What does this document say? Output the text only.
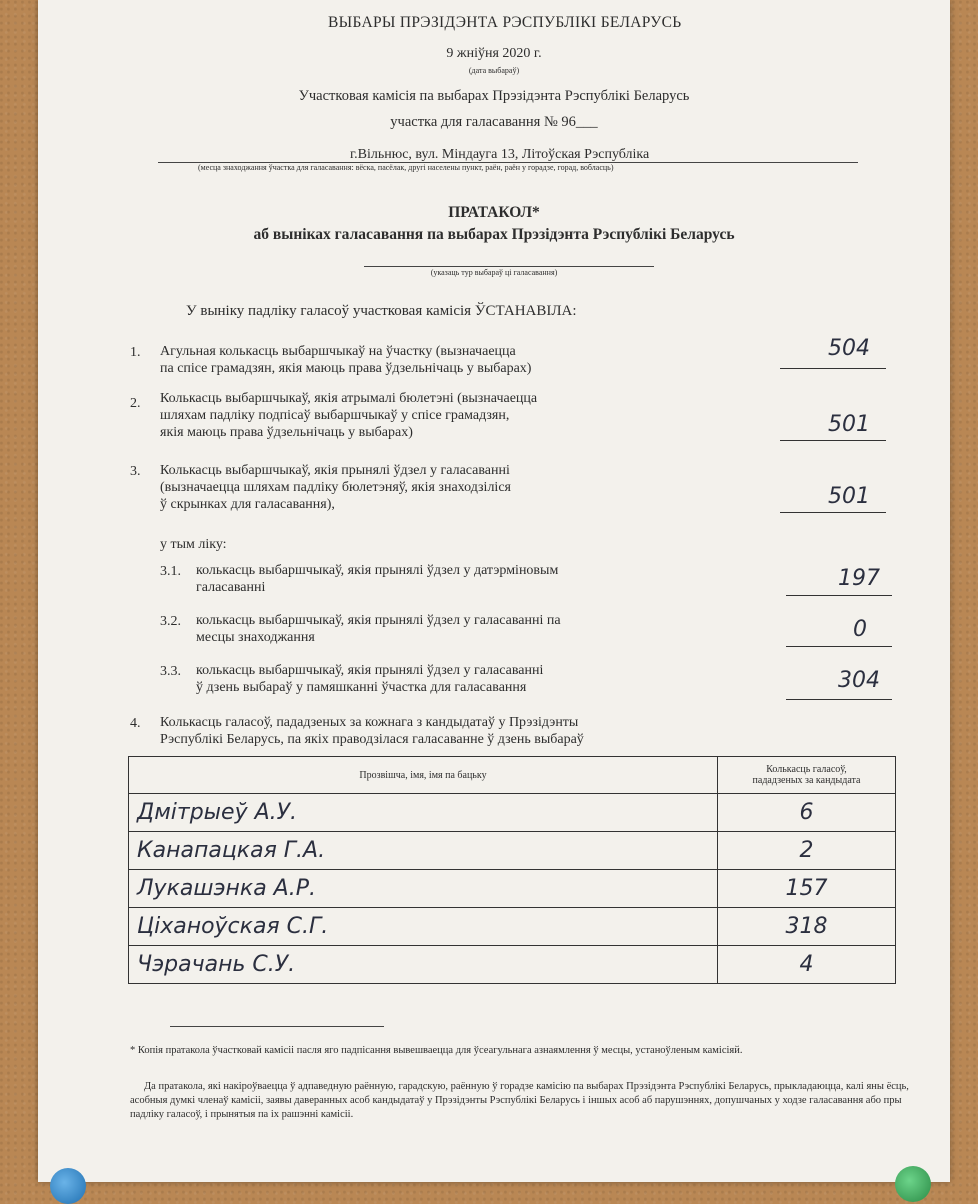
ВЫБАРЫ ПРЭЗІДЭНТА РЭСПУБЛІКІ БЕЛАРУСЬ
9 жніўня 2020 г.
(дата выбараў)
Участковая камісія па выбарах Прэзідэнта Рэспублікі Беларусь
участка для галасавання № 96___
г.Вільнюс, вул. Міндаугa 13, Літоўская Рэспубліка
(месца знаходжання ўчастка для галасавання: вёска, пасёлак, другі населены пункт, раён, раён у горадзе, горад, вобласць)
ПРАТАКОЛ*
аб выніках галасавання па выбарах Прэзідэнта Рэспублікі Беларусь
(указаць тур выбараў ці галасавання)
У выніку падліку галасоў участковая камісія ЎСТАНАВІЛА:
1. Агульная колькасць выбаршчыкаў на ўчастку (вызначаецца
па спісе грамадзян, якія маюць права ўдзельнічаць у выбарах)
504
2. Колькасць выбаршчыкаў, якія атрымалі бюлетэні (вызначаецца
шляхам падліку подпісаў выбаршчыкаў у спісе грамадзян,
якія маюць права ўдзельнічаць у выбарах)	501
3. Колькасць выбаршчыкаў, якія прынялі ўдзел у галасаванні
(вызначаецца шляхам падліку бюлетэняў, якія знаходзіліся
ў скрынках для галасавання),	501
у тым ліку:
3.1. колькасць выбаршчыкаў, якія прынялі ўдзел у датэрміновым
галасаванні	197
3.2. колькасць выбаршчыкаў, якія прынялі ўдзел у галасаванні па
месцы знаходжання	0
3.3. колькасць выбаршчыкаў, якія прынялі ўдзел у галасаванні
ў дзень выбараў у памяшканні ўчастка для галасавання	304
4. Колькасць галасоў, пададзеных за кожнага з кандыдатаў у Прэзідэнты
Рэспублікі Беларусь, па якіх праводзілася галасаванне ў дзень выбараў
Прозвішча, імя, імя па бацьку	Колькасць галасоў,
пададзеных за кандыдата

Дмітрыеў А.У.	6
Канапацкая Г.А.	2
Лукашэнка А.Р.	157
Ціханоўская С.Г.	318
Чэрачань С.У.	4
* Копія пратакола ўчастковай камісіі пасля яго падпісання вывешваецца для ўсеагульнага азнаямлення ў месцы, устаноўленым камісіяй.
Да пратакола, які накіроўваецца ў адпаведную раённую, гарадскую, раённую ў горадзе камісію па выбарах Прэзідэнта Рэспублікі Беларусь, прыкладаюцца, калі яны ёсць, асобныя думкі членаў камісіі, заявы даверанных асоб кандыдатаў у Прэзідэнты Рэспублікі Беларусь і іншых асоб аб парушэннях, допушчаных у ходзе галасавання або пры падліку галасоў, і прынятыя па іх рашэнні камісіі.
